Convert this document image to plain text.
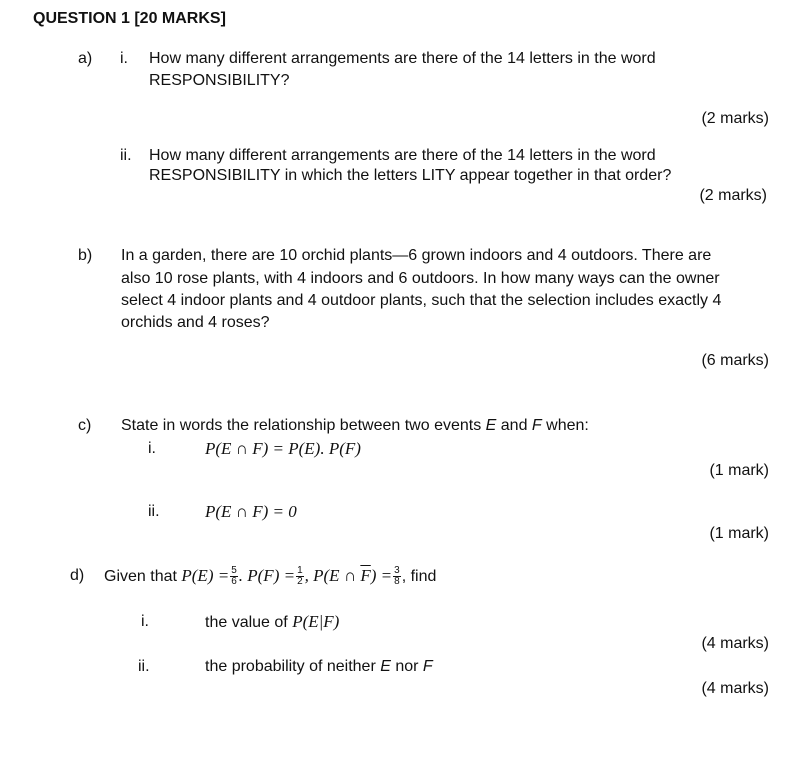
QUESTION 1 [20 MARKS]
a) i. How many different arrangements are there of the 14 letters in the word
RESPONSIBILITY?
(2 marks)
ii. How many different arrangements are there of the 14 letters in the word
RESPONSIBILITY in which the letters LITY appear together in that order?
(2 marks)
b) In a garden, there are 10 orchid plants—6 grown indoors and 4 outdoors. There are
also 10 rose plants, with 4 indoors and 6 outdoors. In how many ways can the owner
select 4 indoor plants and 4 outdoor plants, such that the selection includes exactly 4
orchids and 4 roses?
(6 marks)
c) State in words the relationship between two events E and F when:
i.	P(E ∩ F) = P(E). P(F)
(1 mark)
ii.	P(E ∩ F) = 0
(1 mark)
d) Given that $P(E) = \frac{5}{6}$ . $P(F) = \frac{1}{2}$ , P(E ∩ $\overline{F}) = \frac{3}{8}$ , find
i.	the value of P(E|F)
(4 marks)
ii.	the probability of neither E nor F
(4 marks)
